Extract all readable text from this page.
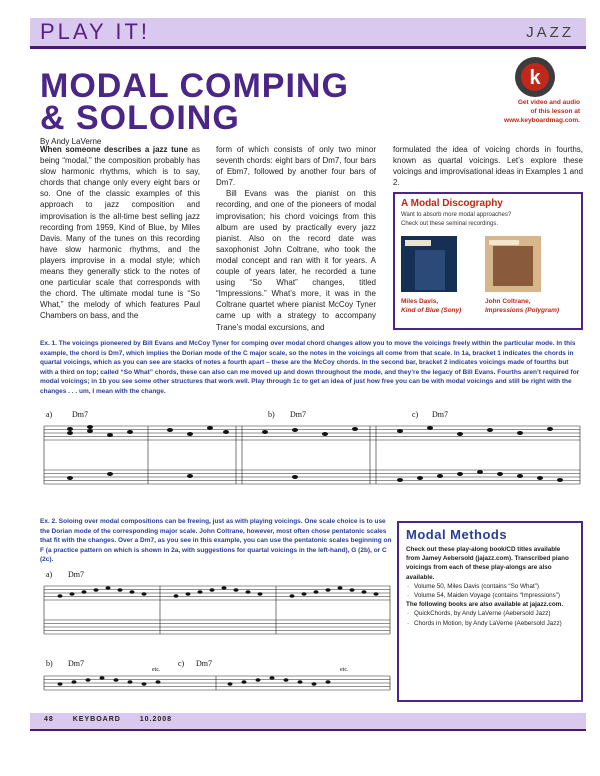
PLAY IT!	JAZZ
MODAL COMPING
& SOLOING
By Andy LaVerne
k
Get video and audio
of this lesson at
www.keyboardmag.com.

When someone describes a jazz tune as being “modal,” the composition probably has slow harmonic rhythms, which is to say, chords that change only every eight bars or so. One of the classic examples of this approach to jazz composition and improvisation is the all-time best selling jazz recording from 1959, Kind of Blue, by Miles Davis. Many of the tunes on this recording have slow harmonic rhythms, and the players improvise in a modal style; which means they generally stick to the notes of one particular scale that corresponds with the chord. The ultimate modal tune is “So What,” the melody of which features Paul Chambers on bass, and the

form of which consists of only two minor seventh chords: eight bars of Dm7, four bars of Ebm7, followed by another four bars of Dm7.

Bill Evans was the pianist on this recording, and one of the pioneers of modal improvisation; his chord voicings from this album are used by practically every jazz pianist. Also on the record date was saxophonist John Coltrane, who took the modal concept and ran with it for years. A couple of years later, he recorded a tune using “So What” changes, titled “Impressions.” What’s more, it was in the Coltrane quartet where pianist McCoy Tyner came up with a strategy to accompany Trane’s modal excursions, and

formulated the idea of voicing chords in fourths, known as quartal voicings. Let’s explore these voicings and improvisational ideas in Examples 1 and 2.

A Modal Discography
Want to absorb more modal approaches?
Check out these seminal recordings.
Miles Davis,
Kind of Blue (Sony)
John Coltrane,
Impressions (Polygram)
Ex. 1. The voicings pioneered by Bill Evans and McCoy Tyner for comping over modal chord changes allow you to move the voicings freely within the particular mode. In this example, the chord is Dm7, which implies the Dorian mode of the C major scale, so the notes in the voicings all come from that scale. In 1a, bracket 1 indicates the chords in quartal voicings, which as you can see are stacks of notes a fourth apart – these are the McCoy chords. In the second bar, bracket 2 indicates voicings made of fourths but with a third on top; called “So What” chords, these can also can me moved up and down throughout the mode, and they’re the legacy of Bill Evans. Fourths aren’t required for modal voicings; in 1b you see some other structures that work well. Play through 1c to get an idea of just how free you can be with modal voicings and still be right with the changes . . . um, I mean with the change.
a) Dm7	b) Dm7	c) Dm7
Ex. 2. Soloing over modal compositions can be freeing, just as with playing voicings. One scale choice is to use the Dorian mode of the corresponding major scale. John Coltrane, however, most often chose pentatonic scales that fit with the changes. Over a Dm7, as you see in this example, you can use the pentatonic scales beginning on F (a practice pattern on which is shown in 2a, with suggestions for quartal voicings in the left-hand), G (2b), or C (2c).
a) Dm7
b) Dm7	c) Dm7
etc.	etc.
Modal Methods
Check out these play-along book/CD titles available from Jamey Aebersold (jajazz.com). Transcribed piano voicings from each of these play-alongs are also available.
· Volume 50, Miles Davis (contains “So What”)
· Volume 54, Maiden Voyage (contains “Impressions”)
The following books are also available at jajazz.com.
· QuickChords, by Andy LaVerne (Aebersold Jazz)
· Chords in Motion, by Andy LaVerne (Aebersold Jazz)
48	KEYBOARD	10.2008
